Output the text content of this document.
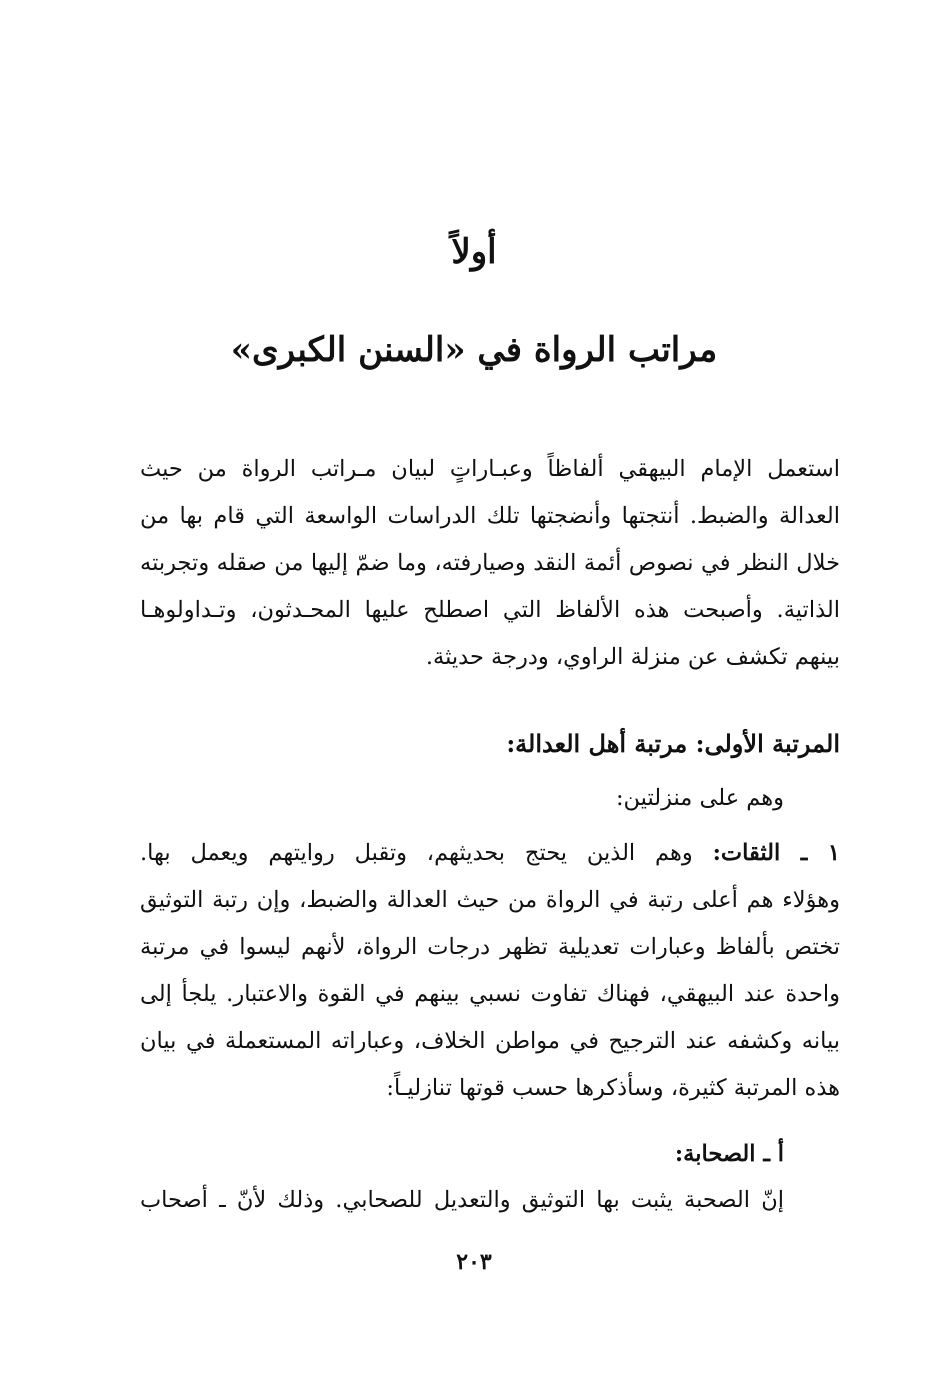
أولاً
مراتب الرواة في «السنن الكبرى»

استعمل الإمام البيهقي ألفاظاً وعبـاراتٍ لبيان مـراتب الرواة من حيث
العدالة والضبط. أنتجتها وأنضجتها تلك الدراسات الواسعة التي قام بها من
خلال النظر في نصوص أئمة النقد وصيارفته، وما ضمّ إليها من صقله وتجربته
الذاتية. وأصبحت هذه الألفاظ التي اصطلح عليها المحـدثون، وتـداولوهـا
بينهم تكشف عن منزلة الراوي، ودرجة حديثة.

المرتبة الأولى: مرتبة أهل العدالة:

وهم على منزلتين:

١ ـ الثقات: وهم الذين يحتج بحديثهم، وتقبل روايتهم ويعمل بها.
وهؤلاء هم أعلى رتبة في الرواة من حيث العدالة والضبط، وإن رتبة التوثيق
تختص بألفاظ وعبارات تعديلية تظهر درجات الرواة، لأنهم ليسوا في مرتبة
واحدة عند البيهقي، فهناك تفاوت نسبي بينهم في القوة والاعتبار. يلجأ إلى
بيانه وكشفه عند الترجيح في مواطن الخلاف، وعباراته المستعملة في بيان
هذه المرتبة كثيرة، وسأذكرها حسب قوتها تنازليـاً:

أ ـ الصحابة:

إنّ الصحبة يثبت بها التوثيق والتعديل للصحابي. وذلك لأنّ ـ أصحاب

٢٠٣
